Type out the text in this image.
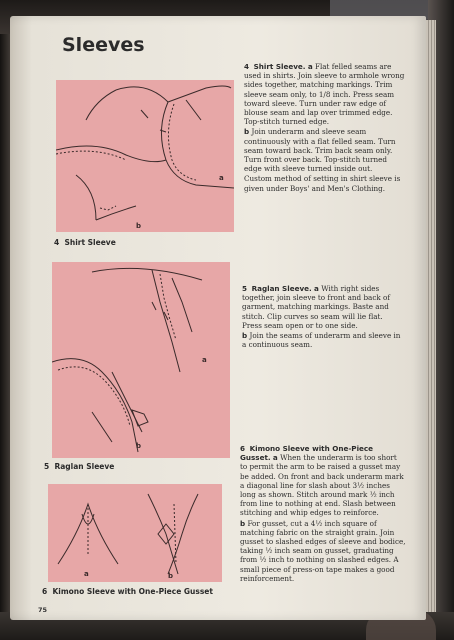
Sleeves
a
b
4 Shirt Sleeve
a
b
5 Raglan Sleeve
a	b
6 Kimono Sleeve with One-Piece Gusset
75

4 Shirt Sleeve. a Flat felled seams are used in shirts. Join sleeve to armhole wrong sides together, matching markings. Trim sleeve seam only, to 1/8 inch. Press seam toward sleeve. Turn under raw edge of blouse seam and lap over trimmed edge. Top-stitch turned edge.

b Join underarm and sleeve seam continuously with a flat felled seam. Turn seam toward back. Trim back seam only. Turn front over back. Top-stitch turned edge with sleeve turned inside out.

Custom method of setting in shirt sleeve is given under Boys' and Men's Clothing.

5 Raglan Sleeve. a With right sides together, join sleeve to front and back of garment, matching markings. Baste and stitch. Clip curves so seam will lie flat. Press seam open or to one side.

b Join the seams of underarm and sleeve in a continuous seam.

6 Kimono Sleeve with One-Piece Gusset. a When the underarm is too short to permit the arm to be raised a gusset may be added. On front and back underarm mark a diagonal line for slash about 3½ inches long as shown. Stitch around mark ½ inch from line to nothing at end. Slash between stitching and whip edges to reinforce.

b For gusset, cut a 4½ inch square of matching fabric on the straight grain. Join gusset to slashed edges of sleeve and bodice, taking ½ inch seam on gusset, graduating from ½ inch to nothing on slashed edges. A small piece of press-on tape makes a good reinforcement.
